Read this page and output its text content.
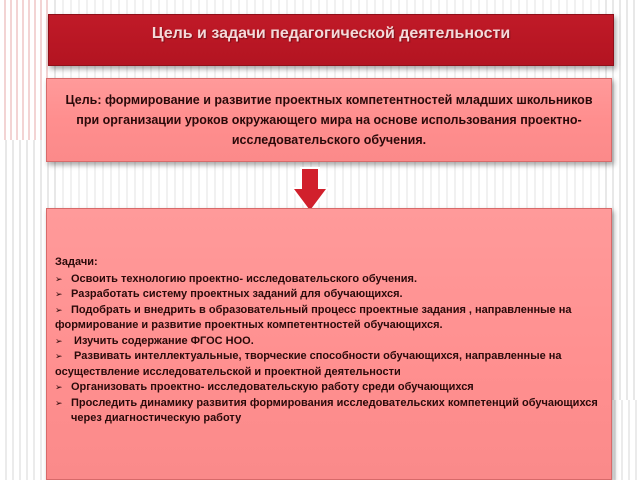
Цель и задачи педагогической деятельности
Цель: формирование и развитие проектных компетентностей младших школьников при организации уроков окружающего мира на основе использования проектно- исследовательского обучения.
Задачи:
➢ Освоить технологию проектно- исследовательского обучения.
➢ Разработать систему проектных заданий для обучающихся.
➢ Подобрать и внедрить в образовательный процесс проектные задания , направленные на формирование и развитие проектных компетентностей обучающихся.
➢ Изучить содержание ФГОС НОО.
➢ Развивать интеллектуальные, творческие способности обучающихся, направленные на осуществление исследовательской и проектной деятельности
➢ Организовать проектно- исследовательскую работу среди обучающихся
➢ Проследить динамику развития формирования исследовательских компетенций обучающихся через диагностическую работу
